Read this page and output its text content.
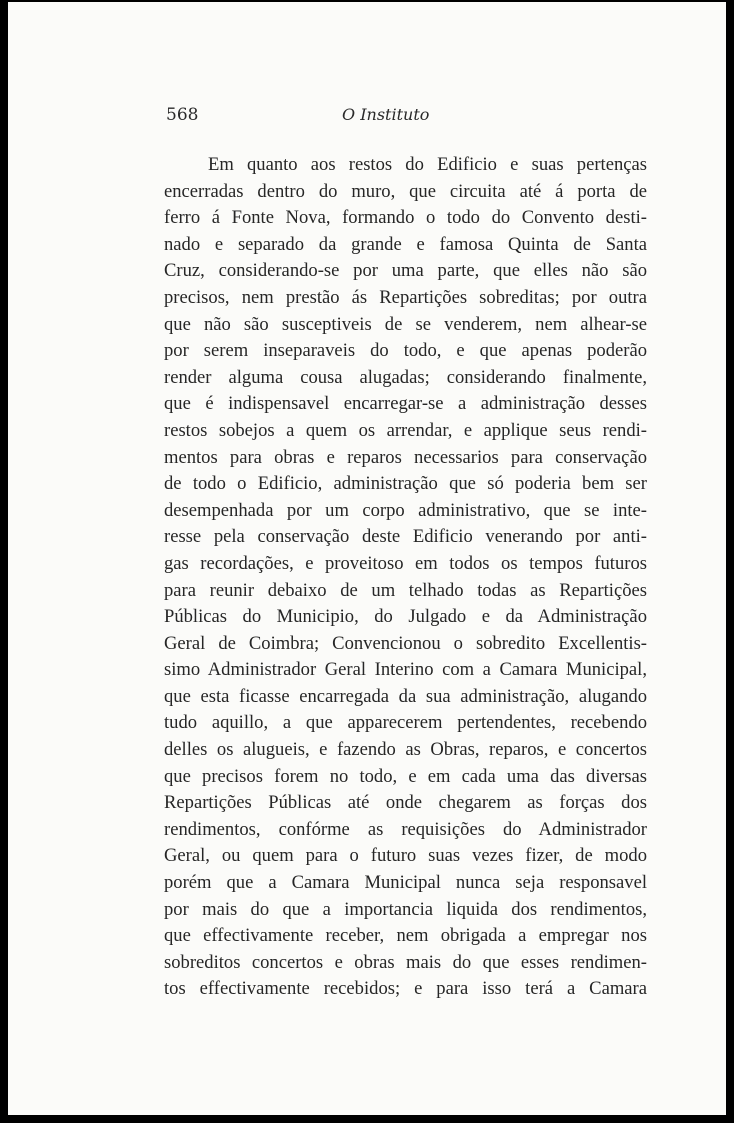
568	O Instituto
Em quanto aos restos do Edificio e suas pertenças
encerradas dentro do muro, que circuita até á porta de
ferro á Fonte Nova, formando o todo do Convento desti-
nado e separado da grande e famosa Quinta de Santa
Cruz, considerando-se por uma parte, que elles não são
precisos, nem prestão ás Repartições sobreditas; por outra
que não são susceptiveis de se venderem, nem alhear-se
por serem inseparaveis do todo, e que apenas poderão
render alguma cousa alugadas; considerando finalmente,
que é indispensavel encarregar-se a administração desses
restos sobejos a quem os arrendar, e applique seus rendi-
mentos para obras e reparos necessarios para conservação
de todo o Edificio, administração que só poderia bem ser
desempenhada por um corpo administrativo, que se inte-
resse pela conservação deste Edificio venerando por anti-
gas recordações, e proveitoso em todos os tempos futuros
para reunir debaixo de um telhado todas as Repartições
Públicas do Municipio, do Julgado e da Administração
Geral de Coimbra; Convencionou o sobredito Excellentis-
simo Administrador Geral Interino com a Camara Municipal,
que esta ficasse encarregada da sua administração, alugando
tudo aquillo, a que apparecerem pertendentes, recebendo
delles os alugueis, e fazendo as Obras, reparos, e concertos
que precisos forem no todo, e em cada uma das diversas
Repartições Públicas até onde chegarem as forças dos
rendimentos, confórme as requisições do Administrador
Geral, ou quem para o futuro suas vezes fizer, de modo
porém que a Camara Municipal nunca seja responsavel
por mais do que a importancia liquida dos rendimentos,
que effectivamente receber, nem obrigada a empregar nos
sobreditos concertos e obras mais do que esses rendimen-
tos effectivamente recebidos; e para isso terá a Camara
